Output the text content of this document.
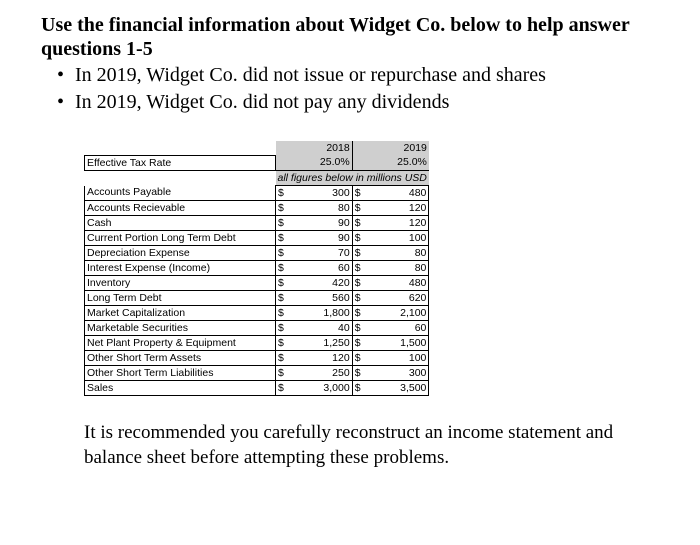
Use the financial information about Widget Co. below to help answer questions 1-5
• In 2019, Widget Co. did not issue or repurchase and shares
• In 2019, Widget Co. did not pay any dividends
		2018		2019
Effective Tax Rate		25.0%		25.0%
	all figures below in millions USD			
Accounts Payable	$	300	$	480
Accounts Recievable	$	80	$	120
Cash	$	90	$	120
Current Portion Long Term Debt	$	90	$	100
Depreciation Expense	$	70	$	80
Interest Expense (Income)	$	60	$	80
Inventory	$	420	$	480
Long Term Debt	$	560	$	620
Market Capitalization	$	1,800	$	2,100
Marketable Securities	$	40	$	60
Net Plant Property & Equipment	$	1,250	$	1,500
Other Short Term Assets	$	120	$	100
Other Short Term Liabilities	$	250	$	300
Sales	$	3,000	$	3,500
It is recommended you carefully reconstruct an income statement and balance sheet before attempting these problems.
